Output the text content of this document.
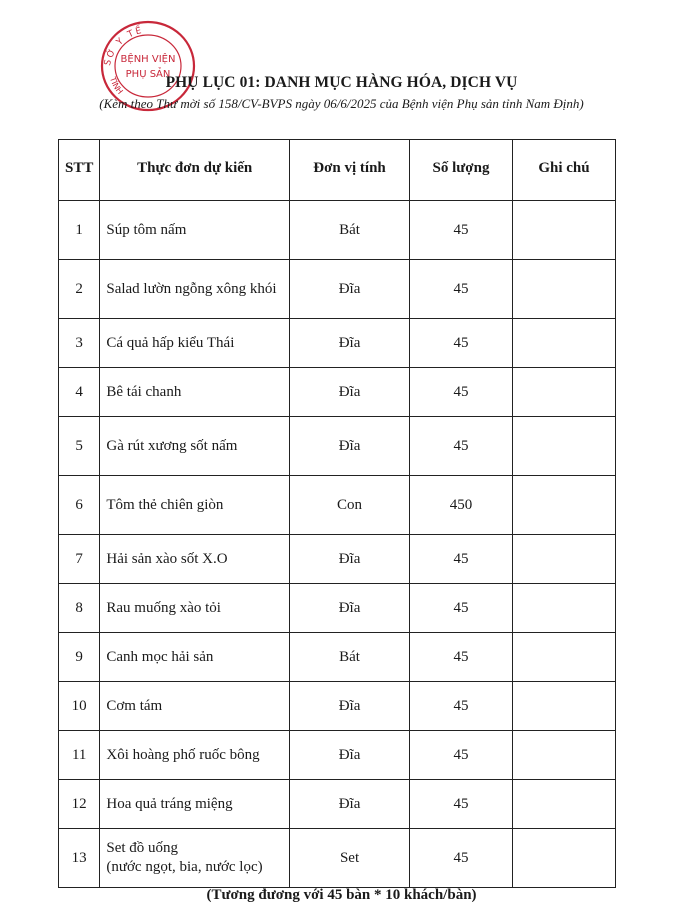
SỞ Y TẾ
TỈNH
BỆNH VIỆN
PHỤ SẢN
PHỤ LỤC 01: DANH MỤC HÀNG HÓA, DỊCH VỤ
(Kèm theo Thư mời số 158/CV-BVPS ngày 06/6/2025 của Bệnh viện Phụ sản tỉnh Nam Định)
STT	Thực đơn dự kiến	Đơn vị tính	Số lượng	Ghi chú
1	Súp tôm nấm	Bát	45	
2	Salad lườn ngỗng xông khói	Đĩa	45	
3	Cá quả hấp kiểu Thái	Đĩa	45	
4	Bê tái chanh	Đĩa	45	
5	Gà rút xương sốt nấm	Đĩa	45	
6	Tôm thẻ chiên giòn	Con	450	
7	Hải sản xào sốt X.O	Đĩa	45	
8	Rau muống xào tỏi	Đĩa	45	
9	Canh mọc hải sản	Bát	45	
10	Cơm tám	Đĩa	45	
11	Xôi hoàng phố ruốc bông	Đĩa	45	
12	Hoa quả tráng miệng	Đĩa	45	
13	Set đồ uống
(nước ngọt, bia, nước lọc)	Set	45	
(Tương đương với 45 bàn * 10 khách/bàn)
